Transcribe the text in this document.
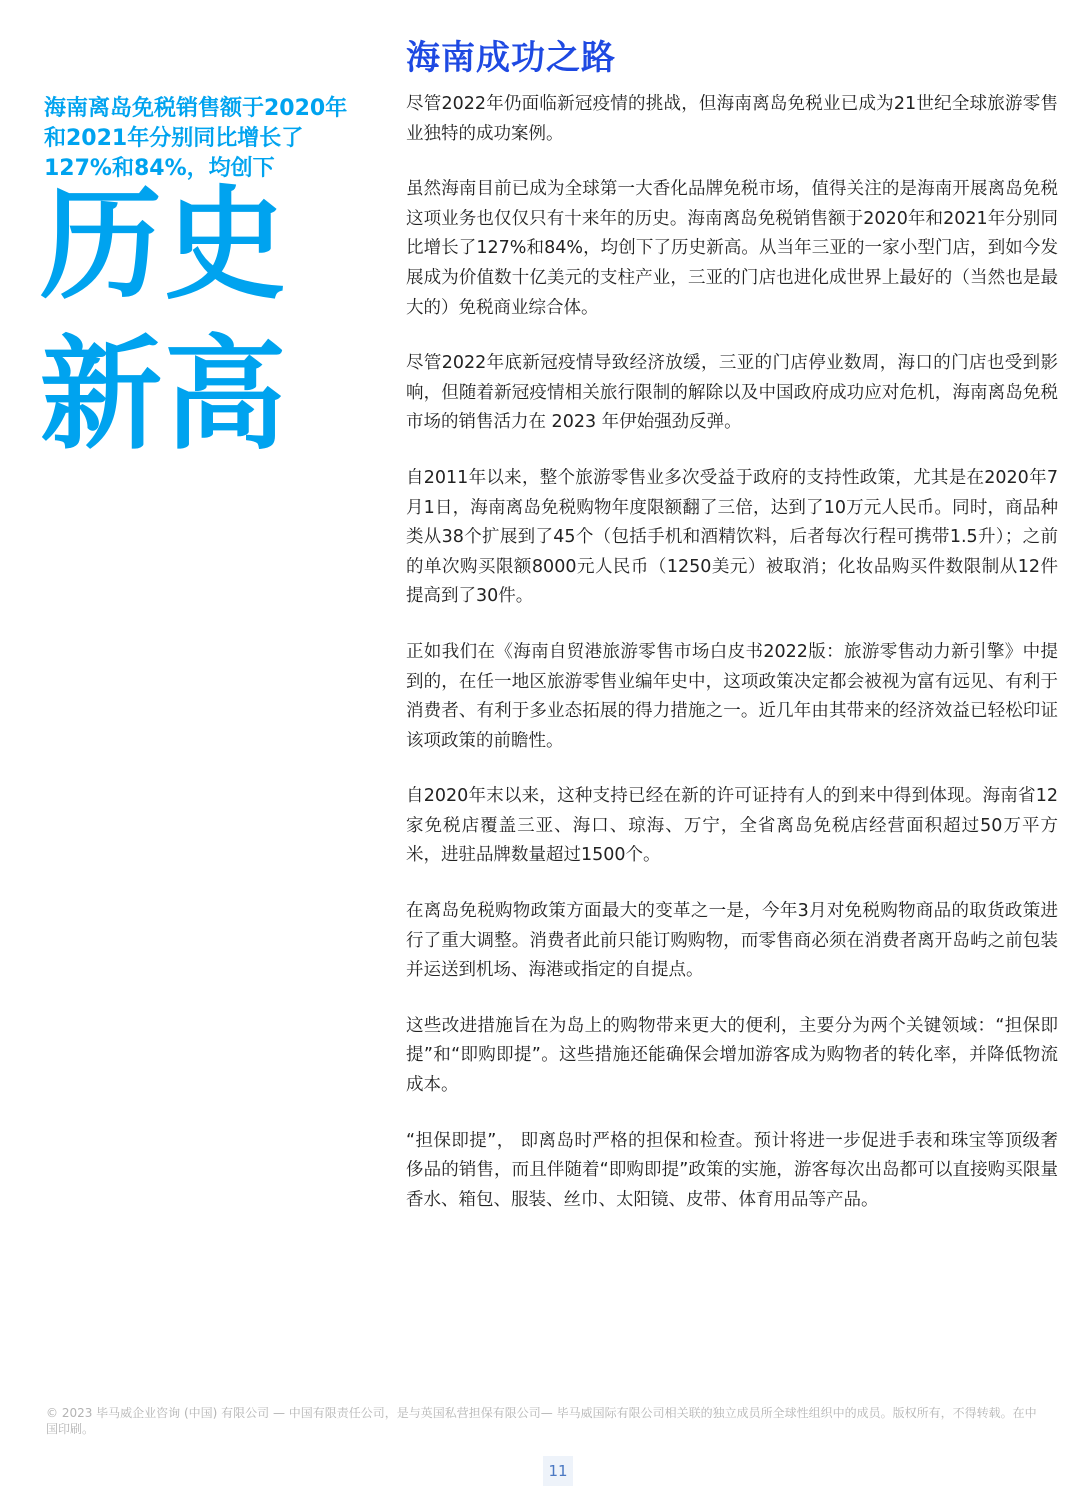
海南成功之路

海南离岛免税销售额于2020年和2021年分别同比增长了127%和84%，均创下

历史
新高

尽管2022年仍面临新冠疫情的挑战，但海南离岛免税业已成为21世纪全球旅游零售业独特的成功案例。

虽然海南目前已成为全球第一大香化品牌免税市场，值得关注的是海南开展离岛免税这项业务也仅仅只有十来年的历史。海南离岛免税销售额于2020年和2021年分别同比增长了127%和84%，均创下了历史新高。从当年三亚的一家小型门店，到如今发展成为价值数十亿美元的支柱产业，三亚的门店也进化成世界上最好的（当然也是最大的）免税商业综合体。

尽管2022年底新冠疫情导致经济放缓，三亚的门店停业数周，海口的门店也受到影响，但随着新冠疫情相关旅行限制的解除以及中国政府成功应对危机，海南离岛免税市场的销售活力在 2023 年伊始强劲反弹。

自2011年以来，整个旅游零售业多次受益于政府的支持性政策，尤其是在2020年7月1日，海南离岛免税购物年度限额翻了三倍，达到了10万元人民币。同时，商品种类从38个扩展到了45个（包括手机和酒精饮料，后者每次行程可携带1.5升）；之前的单次购买限额8000元人民币（1250美元）被取消；化妆品购买件数限制从12件提高到了30件。

正如我们在《海南自贸港旅游零售市场白皮书2022版：旅游零售动力新引擎》中提到的，在任一地区旅游零售业编年史中，这项政策决定都会被视为富有远见、有利于消费者、有利于多业态拓展的得力措施之一。近几年由其带来的经济效益已轻松印证该项政策的前瞻性。

自2020年末以来，这种支持已经在新的许可证持有人的到来中得到体现。海南省12家免税店覆盖三亚、海口、琼海、万宁，全省离岛免税店经营面积超过50万平方米，进驻品牌数量超过1500个。

在离岛免税购物政策方面最大的变革之一是，今年3月对免税购物商品的取货政策进行了重大调整。消费者此前只能订购购物，而零售商必须在消费者离开岛屿之前包装并运送到机场、海港或指定的自提点。

这些改进措施旨在为岛上的购物带来更大的便利，主要分为两个关键领域：“担保即提”和“即购即提”。这些措施还能确保会增加游客成为购物者的转化率，并降低物流成本。

“担保即提”， 即离岛时严格的担保和检查。预计将进一步促进手表和珠宝等顶级奢侈品的销售，而且伴随着“即购即提”政策的实施，游客每次出岛都可以直接购买限量香水、箱包、服装、丝巾、太阳镜、皮带、体育用品等产品。

© 2023 毕马威企业咨询 (中国) 有限公司 — 中国有限责任公司，是与英国私营担保有限公司— 毕马威国际有限公司相关联的独立成员所全球性组织中的成员。版权所有，不得转载。在中国印刷。

11
